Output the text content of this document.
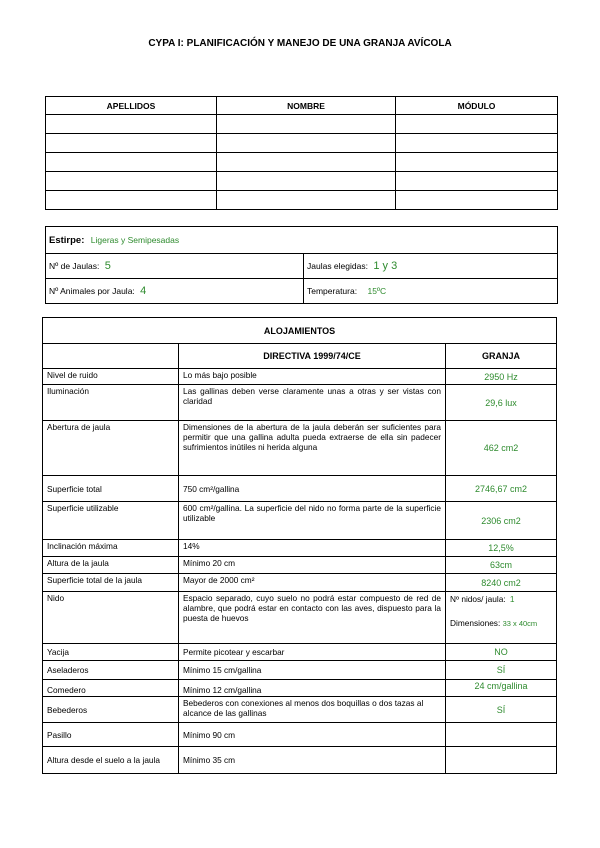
CYPA I: PLANIFICACIÓN Y MANEJO DE UNA GRANJA AVÍCOLA
APELLIDOS	NOMBRE	MÓDULO

Estirpe: Ligeras y Semipesadas	
Nº de Jaulas: 5	Jaulas elegidas: 1 y 3
Nº Animales por Jaula: 4	Temperatura: 15ºC
ALOJAMIENTOS		
	DIRECTIVA 1999/74/CE	GRANJA
Nivel de ruido	Lo más bajo posible	2950 Hz
Iluminación	Las gallinas deben verse claramente unas a otras y ser vistas con claridad	29,6 lux
Abertura de jaula	Dimensiones de la abertura de la jaula deberán ser suficientes para permitir que una gallina adulta pueda extraerse de ella sin padecer sufrimientos inútiles ni herida alguna	462 cm2
Superficie total	750 cm²/gallina	2746,67 cm2
Superficie utilizable	600 cm²/gallina. La superficie del nido no forma parte de la superficie utilizable	2306 cm2
Inclinación máxima	14%	12,5%
Altura de la jaula	Mínimo 20 cm	63cm
Superficie total de la jaula	Mayor de 2000 cm²	8240 cm2
Nido	Espacio separado, cuyo suelo no podrá estar compuesto de red de alambre, que podrá estar en contacto con las aves, dispuesto para la puesta de huevos	Nº nidos/ jaula: 1
Dimensiones: 33 x 40cm

Yacija	Permite picotear y escarbar	NO
Aseladeros	Mínimo 15 cm/gallina	SÍ
Comedero	Mínimo 12 cm/gallina	24 cm/gallina
Bebederos	Bebederos con conexiones al menos dos boquillas o dos tazas al alcance de las gallinas	SÍ
Pasillo	Mínimo 90 cm	
Altura desde el suelo a la jaula	Mínimo 35 cm	
